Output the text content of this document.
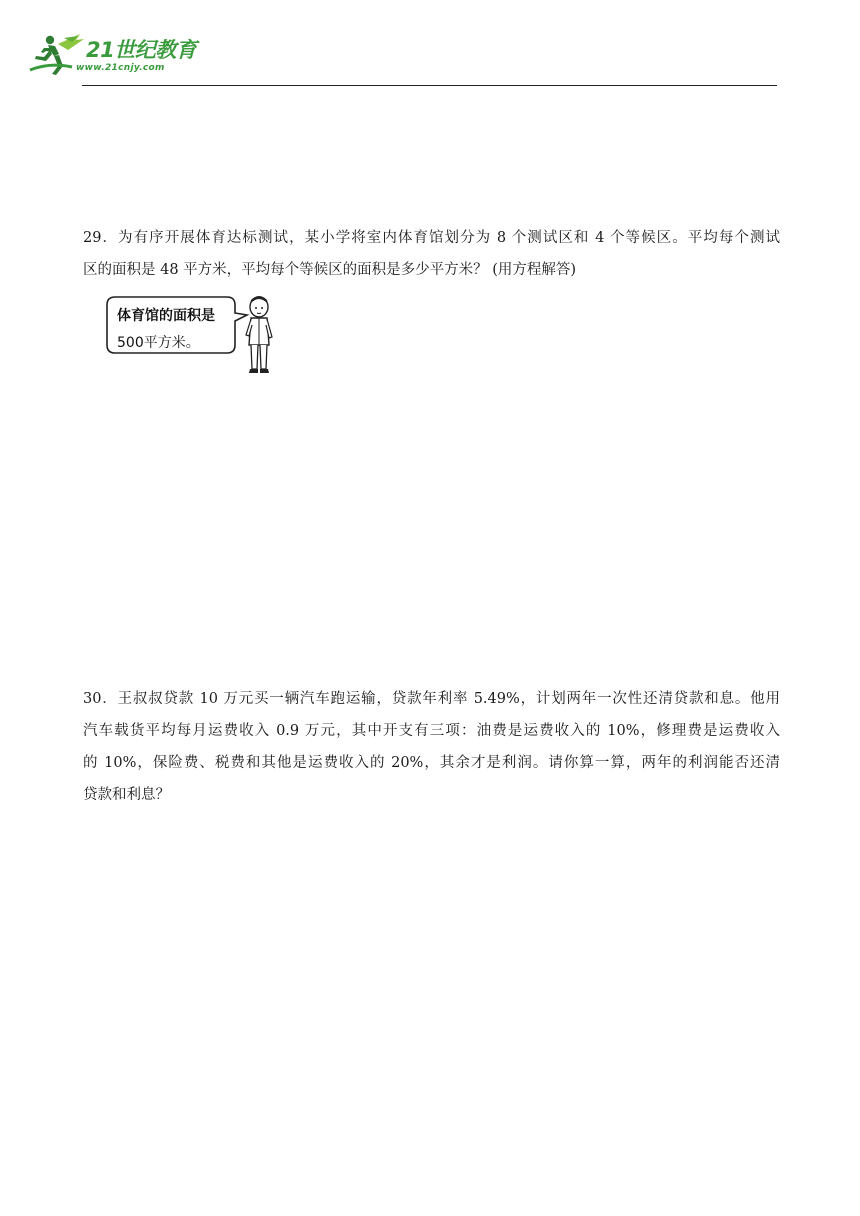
21世纪教育
www.21cnjy.com
29．为有序开展体育达标测试，某小学将室内体育馆划分为 8 个测试区和 4 个等候区。平均每个测试
区的面积是 48 平方米，平均每个等候区的面积是多少平方米？ (用方程解答)
体育馆的面积是
500平方米。
30．王叔叔贷款 10 万元买一辆汽车跑运输，贷款年利率 5.49%，计划两年一次性还清贷款和息。他用
汽车载货平均每月运费收入 0.9 万元，其中开支有三项：油费是运费收入的 10%，修理费是运费收入
的 10%，保险费、税费和其他是运费收入的 20%，其余才是利润。请你算一算，两年的利润能否还清
贷款和利息？
